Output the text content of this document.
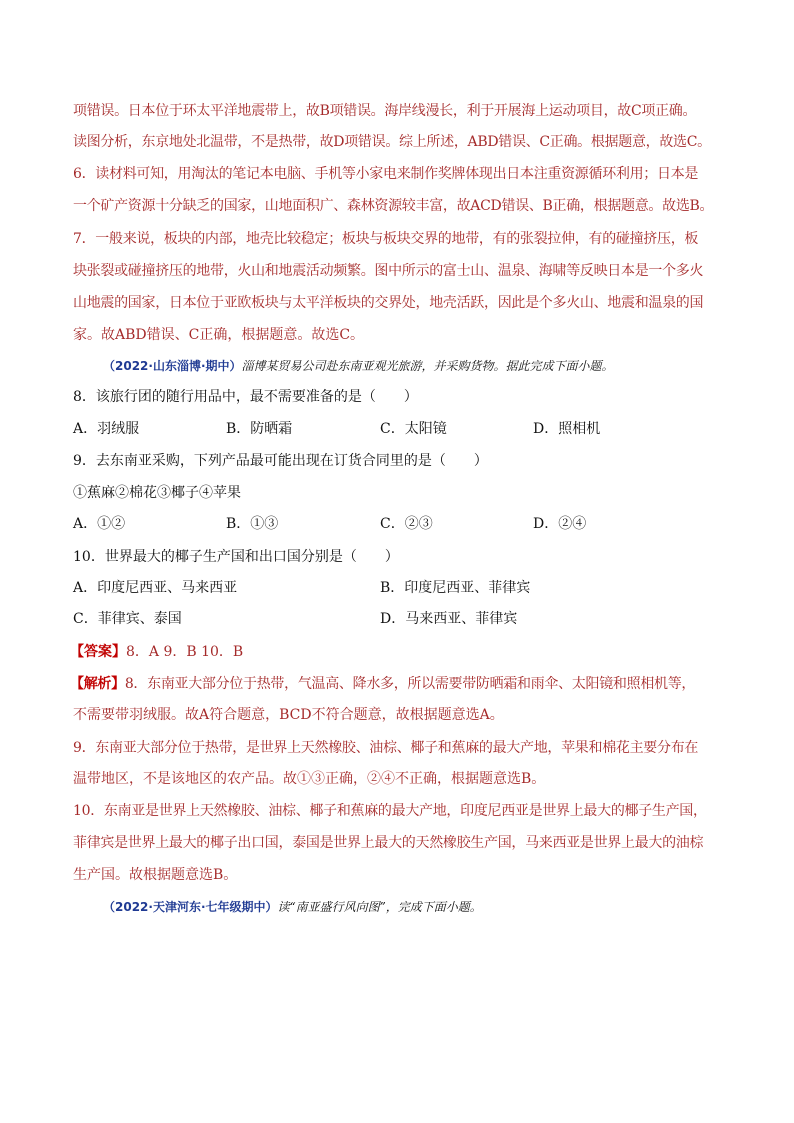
项错误。日本位于环太平洋地震带上，故B项错误。海岸线漫长，利于开展海上运动项目，故C项正确。
读图分析，东京地处北温带，不是热带，故D项错误。综上所述，ABD错误、C正确。根据题意，故选C。
6．读材料可知，用淘汰的笔记本电脑、手机等小家电来制作奖牌体现出日本注重资源循环利用；日本是
一个矿产资源十分缺乏的国家，山地面积广、森林资源较丰富，故ACD错误、B正确，根据题意。故选B。
7．一般来说，板块的内部，地壳比较稳定；板块与板块交界的地带，有的张裂拉伸，有的碰撞挤压，板
块张裂或碰撞挤压的地带，火山和地震活动频繁。图中所示的富士山、温泉、海啸等反映日本是一个多火
山地震的国家，日本位于亚欧板块与太平洋板块的交界处，地壳活跃，因此是个多火山、地震和温泉的国
家。故ABD错误、C正确，根据题意。故选C。
（2022·山东淄博·期中）淄博某贸易公司赴东南亚观光旅游，并采购货物。据此完成下面小题。
8．该旅行团的随行用品中，最不需要准备的是（　　）
A．羽绒服	B．防晒霜	C．太阳镜	D．照相机
9．去东南亚采购，下列产品最可能出现在订货合同里的是（　　）
①蕉麻②棉花③椰子④苹果
A．①②	B．①③	C．②③	D．②④
10．世界最大的椰子生产国和出口国分别是（　　）
A．印度尼西亚、马来西亚	B．印度尼西亚、菲律宾
C．菲律宾、泰国	D．马来西亚、菲律宾
【答案】8．A 9．B 10．B
【解析】8．东南亚大部分位于热带，气温高、降水多，所以需要带防晒霜和雨伞、太阳镜和照相机等，
不需要带羽绒服。故A符合题意，BCD不符合题意，故根据题意选A。
9．东南亚大部分位于热带，是世界上天然橡胶、油棕、椰子和蕉麻的最大产地，苹果和棉花主要分布在
温带地区，不是该地区的农产品。故①③正确，②④不正确，根据题意选B。
10．东南亚是世界上天然橡胶、油棕、椰子和蕉麻的最大产地，印度尼西亚是世界上最大的椰子生产国，
菲律宾是世界上最大的椰子出口国，泰国是世界上最大的天然橡胶生产国，马来西亚是世界上最大的油棕
生产国。故根据题意选B。
（2022·天津河东·七年级期中）读“南亚盛行风向图”，完成下面小题。
